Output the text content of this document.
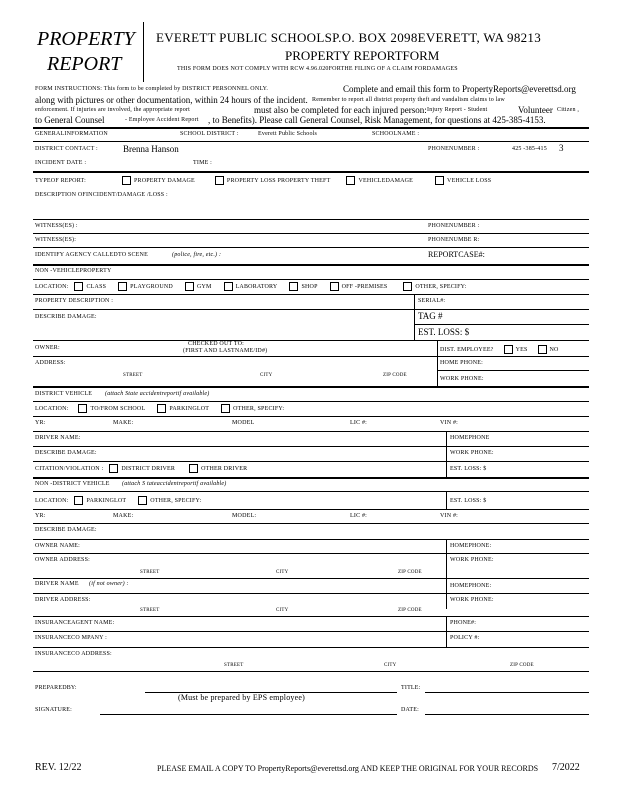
PROPERTY
REPORT
EVERETT PUBLIC SCHOOLSP.O. BOX 2098EVERETT, WA 98213
PROPERTY REPORTFORM
THIS FORM DOES NOT COMPLY WITH RCW 4.96.020FORTHE FILING OF A CLAIM FORDAMAGES
FORM INSTRUCTIONS: This form to be completed by DISTRICT PERSONNEL ONLY.	Complete and email this form to PropertyReports@everettsd.org
along with pictures or other documentation, within 24 hours of the incident. Remember to report all district property theft and vandalism claims to law
enforcement. If injuries are involved, the appropriate report	must also be completed for each injured person: Injury Report - Student	Volunteer Citizen ,
to General Counsel	- Employee Accident Report , to Benefits). Please call General Counsel, Risk Management, for questions at 425-385-4153.
GENERALINFORMATION	SCHOOL DISTRICT :	Everett Public Schools	SCHOOLNAME :
DISTRICT CONTACT :	Brenna Hanson	PHONENUMBER :	425 -385-415 3
INCIDENT DATE :	TIME :
TYPEOF REPORT:	PROPERTY DAMAGE	PROPERTY LOSS PROPERTY THEFT	VEHICLEDAMAGE	VEHICLE LOSS
DESCRIPTION OFINCIDENT/DAMAGE /LOSS :
WITNESS(ES) :	PHONENUMBER :
WITNESS(ES):	PHONENUMBE R:
IDENTIFY AGENCY CALLEDTO SCENE	(police, fire, etc.) :	REPORTCASE#:
NON -VEHICLEPROPERTY
LOCATION:	CLASS	PLAYGROUND	GYM	LABORATORY	SHOP	OFF -PREMISES	OTHER, SPECIFY:
PROPERTY DESCRIPTION :	SERIAL#:
DESCRIBE DAMAGE:	TAG #
EST. LOSS: $
OWNER:
CHECKED OUT TO:
(FIRST AND LASTNAME/ID#)	DIST. EMPLOYEE?	YES	NO
ADDRESS:	HOME PHONE:
STREET	CITY	ZIP CODE
WORK PHONE:
DISTRICT VEHICLE (attach State accidentreportif available)
LOCATION:	TO/FROM SCHOOL	PARKINGLOT	OTHER, SPECIFY:
YR:	MAKE:	MODEL	LIC #:	VIN #:
DRIVER NAME:	HOMEPHONE
DESCRIBE DAMAGE:	WORK PHONE:
CITATION/VIOLATION :	DISTRICT DRIVER	OTHER DRIVER	EST. LOSS: $
NON -DISTRICT VEHICLE (attach S tateaccidentreportif available)
LOCATION:	PARKINGLOT	OTHER, SPECIFY:	EST. LOSS: $
YR:	MAKE:	MODEL:	LIC #:	VIN #:
DESCRIBE DAMAGE:
OWNER NAME:	HOMEPHONE:
OWNER ADDRESS:	WORK PHONE:
STREET	CITY	ZIP CODE
DRIVER NAME (if not owner) :	HOMEPHONE:
DRIVER ADDRESS:	WORK PHONE:
STREET	CITY	ZIP CODE
INSURANCEAGENT NAME:	PHONE#:
INSURANCECO MPANY :	POLICY #:
INSURANCECO ADDRESS:
STREET	CITY	ZIP CODE
PREPAREDBY:
(Must be prepared by EPS employee)
TITLE:
SIGNATURE:	DATE:
REV. 12/22	PLEASE EMAIL A COPY TO PropertyReports@everettsd.org AND KEEP THE ORIGINAL FOR YOUR RECORDS 7/2022
